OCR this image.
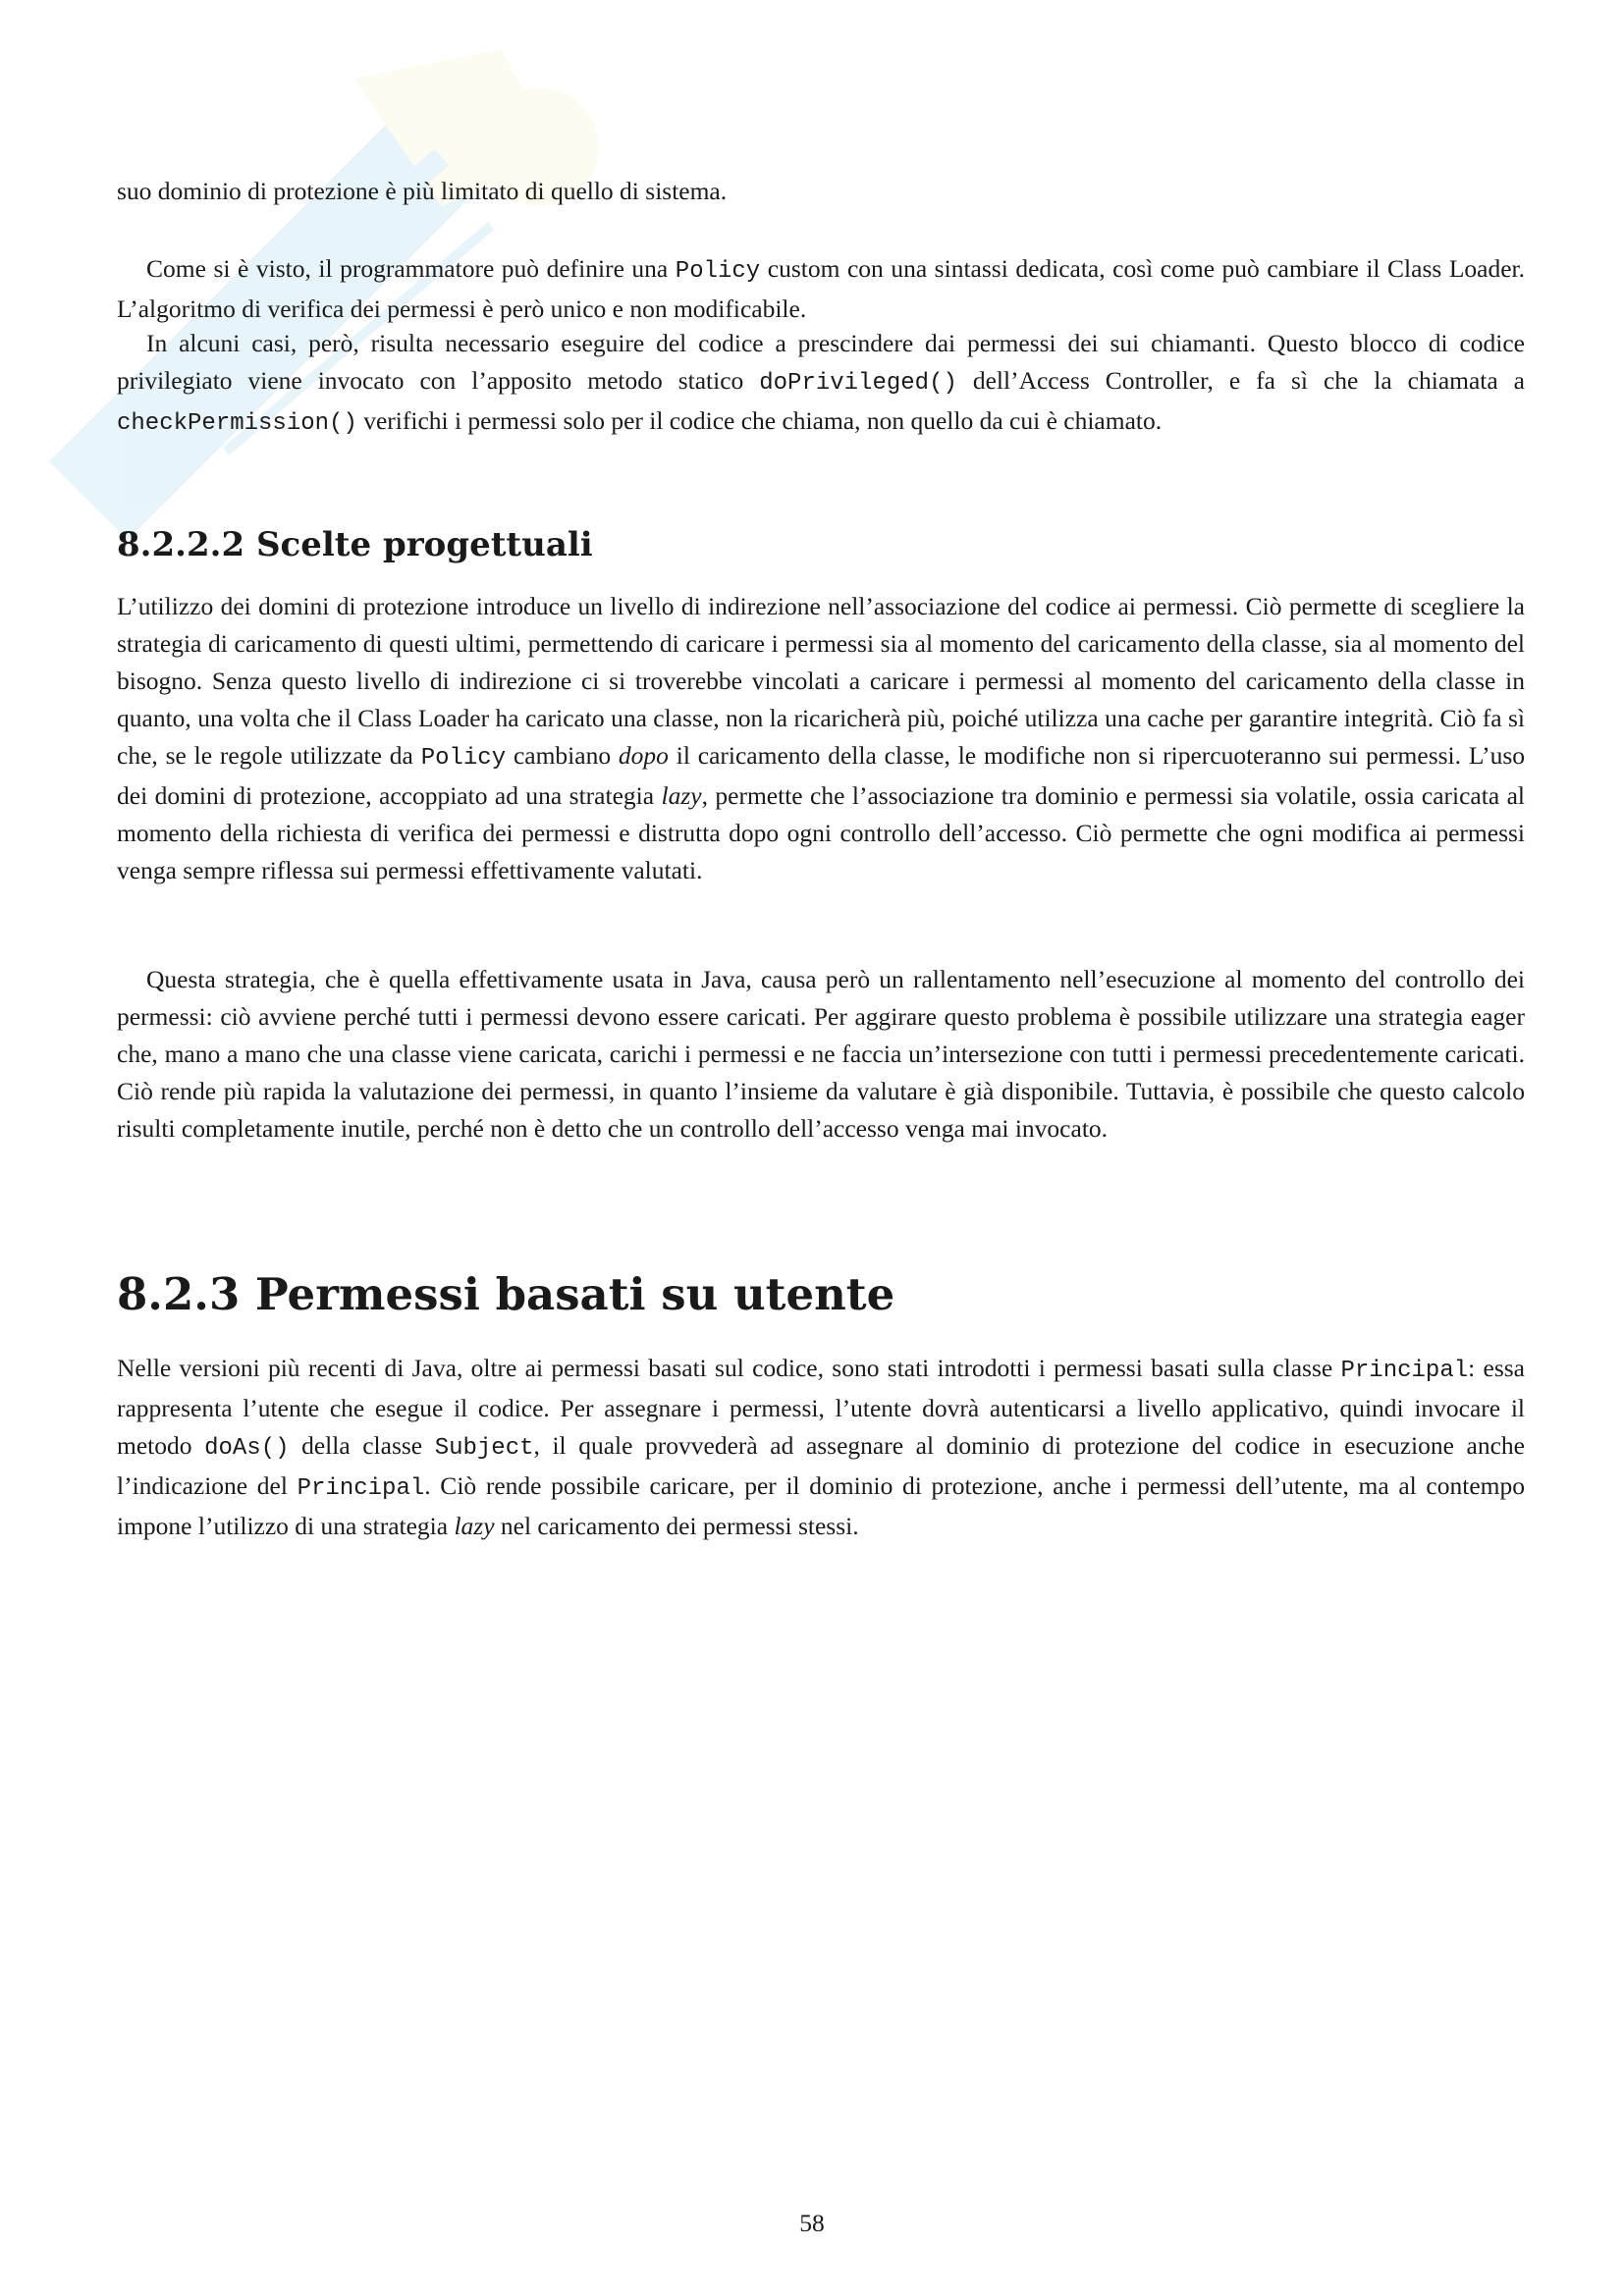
suo dominio di protezione è più limitato di quello di sistema.

Come si è visto, il programmatore può definire una Policy custom con una sintassi dedicata, così come può cambiare il Class Loader. L’algoritmo di verifica dei permessi è però unico e non modificabile.

In alcuni casi, però, risulta necessario eseguire del codice a prescindere dai permessi dei sui chiamanti. Questo blocco di codice privilegiato viene invocato con l’apposito metodo statico doPrivileged() dell’Access Controller, e fa sì che la chiamata a checkPermission() verifichi i permessi solo per il codice che chiama, non quello da cui è chiamato.

8.2.2.2 Scelte progettuali

L’utilizzo dei domini di protezione introduce un livello di indirezione nell’associazione del codice ai permessi. Ciò permette di scegliere la strategia di caricamento di questi ultimi, permettendo di caricare i permessi sia al momento del caricamento della classe, sia al momento del bisogno. Senza questo livello di indirezione ci si troverebbe vincolati a caricare i permessi al momento del caricamento della classe in quanto, una volta che il Class Loader ha caricato una classe, non la ricaricherà più, poiché utilizza una cache per garantire integrità. Ciò fa sì che, se le regole utilizzate da Policy cambiano dopo il caricamento della classe, le modifiche non si ripercuoteranno sui permessi. L’uso dei domini di protezione, accoppiato ad una strategia lazy, permette che l’associazione tra dominio e permessi sia volatile, ossia caricata al momento della richiesta di verifica dei permessi e distrutta dopo ogni controllo dell’accesso. Ciò permette che ogni modifica ai permessi venga sempre riflessa sui permessi effettivamente valutati.

Questa strategia, che è quella effettivamente usata in Java, causa però un rallentamento nell’esecuzione al momento del controllo dei permessi: ciò avviene perché tutti i permessi devono essere caricati. Per aggirare questo problema è possibile utilizzare una strategia eager che, mano a mano che una classe viene caricata, carichi i permessi e ne faccia un’intersezione con tutti i permessi precedentemente caricati. Ciò rende più rapida la valutazione dei permessi, in quanto l’insieme da valutare è già disponibile. Tuttavia, è possibile che questo calcolo risulti completamente inutile, perché non è detto che un controllo dell’accesso venga mai invocato.

8.2.3 Permessi basati su utente

Nelle versioni più recenti di Java, oltre ai permessi basati sul codice, sono stati introdotti i permessi basati sulla classe Principal: essa rappresenta l’utente che esegue il codice. Per assegnare i permessi, l’utente dovrà autenticarsi a livello applicativo, quindi invocare il metodo doAs() della classe Subject, il quale provvederà ad assegnare al dominio di protezione del codice in esecuzione anche l’indicazione del Principal. Ciò rende possibile caricare, per il dominio di protezione, anche i permessi dell’utente, ma al contempo impone l’utilizzo di una strategia lazy nel caricamento dei permessi stessi.

58
